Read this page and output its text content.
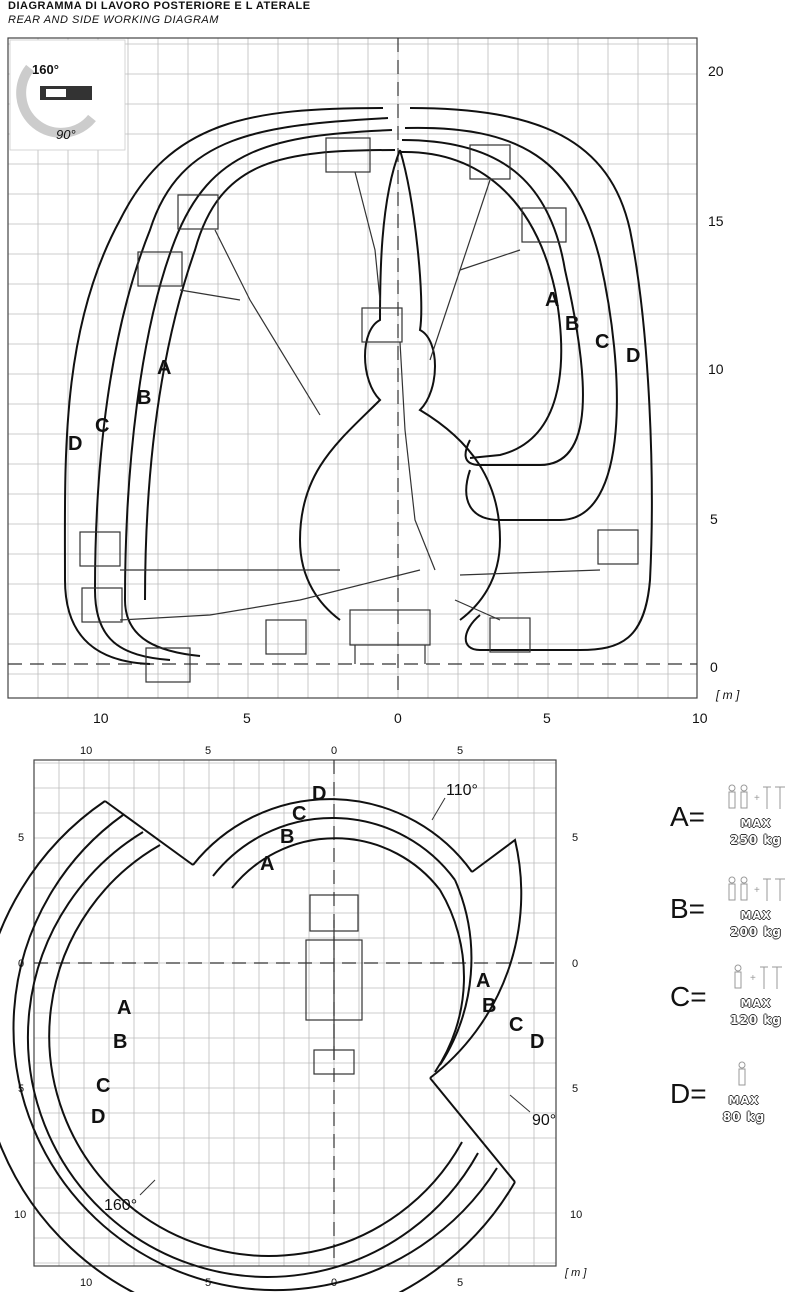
DIAGRAMMA DI LAVORO POSTERIORE E L ATERALE
REAR AND SIDE WORKING DIAGRAM
160°
90°
A
B
C
D
A
B
C
D
20
15
10
5
0
10	5	0	5	10
[ m ]
D
C
B
A
A
B
C
D
A
B
C
D
110°
90°
160°
10	5	0	5
10	5	0	5
5
0
5
10
5
0
5
10
[ m ]
A=
+
MAX
250 kg
B=
+
MAX
200 kg
C=
+
MAX
120 kg
D=	MAX
80 kg
